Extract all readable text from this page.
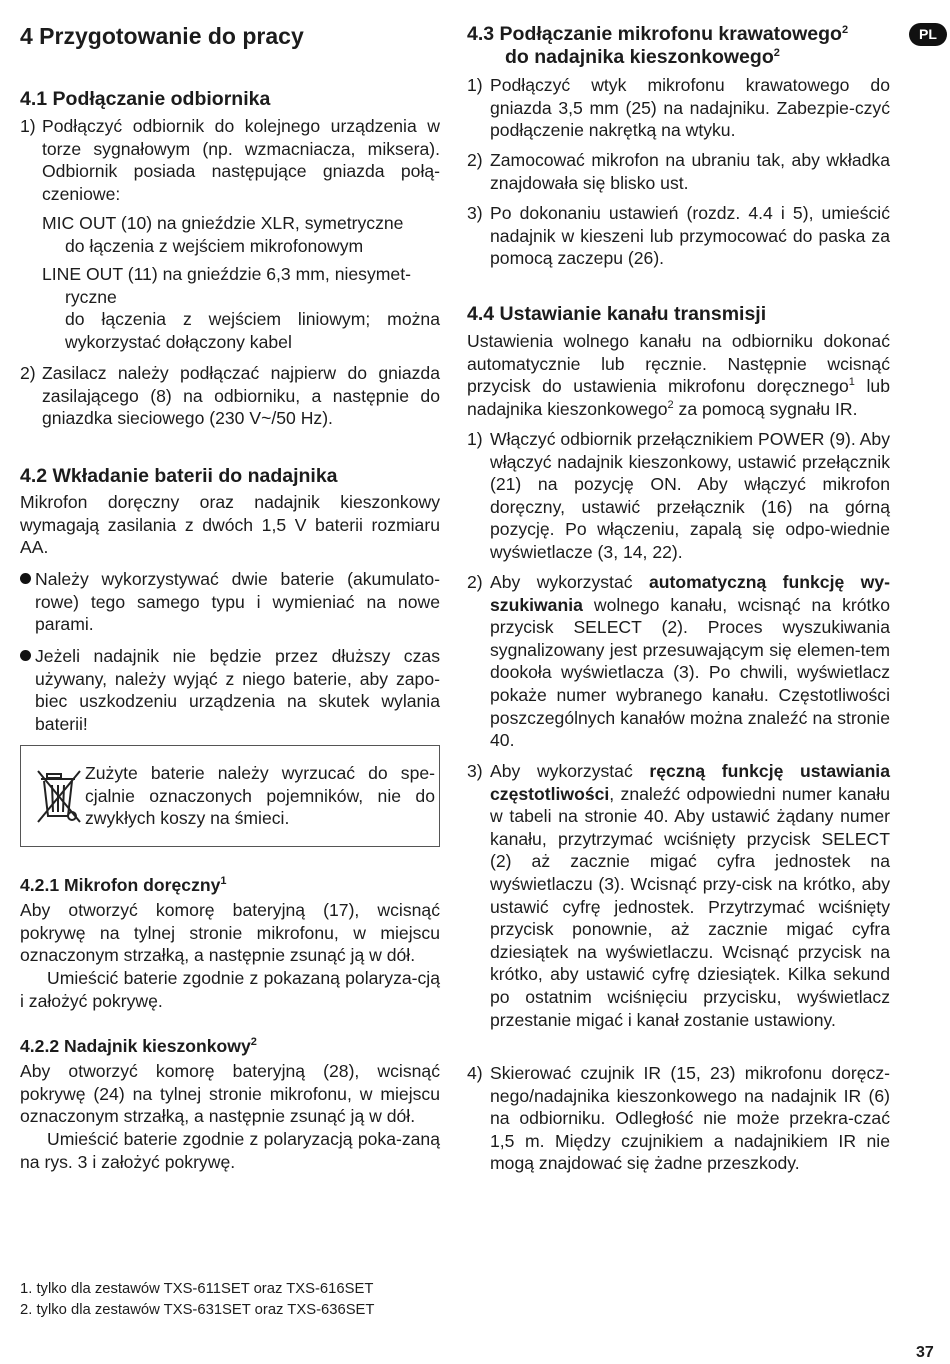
PL
4 Przygotowanie do pracy
4.1 Podłączanie odbiornika
1) Podłączyć odbiornik do kolejnego urządzenia w torze sygnałowym (np. wzmacniacza, miksera). Odbiornik posiada następujące gniazda połą-czeniowe:
MIC OUT (10) na gnieździe XLR, symetryczne
do łączenia z wejściem mikrofonowym
LINE OUT (11) na gnieździe 6,3 mm, niesymet-
ryczne
do łączenia z wejściem liniowym; można wykorzystać dołączony kabel
2) Zasilacz należy podłączać najpierw do gniazda zasilającego (8) na odbiorniku, a następnie do gniazdka sieciowego (230 V~/50 Hz).
4.2 Wkładanie baterii do nadajnika
Mikrofon doręczny oraz nadajnik kieszonkowy wymagają zasilania z dwóch 1,5 V baterii rozmiaru AA.
Należy wykorzystywać dwie baterie (akumulato-rowe) tego samego typu i wymieniać na nowe parami.
Jeżeli nadajnik nie będzie przez dłuższy czas używany, należy wyjąć z niego baterie, aby zapo-biec uszkodzeniu urządzenia na skutek wylania baterii!
Zużyte baterie należy wyrzucać do spe-cjalnie oznaczonych pojemników, nie do zwykłych koszy na śmieci.
4.2.1 Mikrofon doręczny$^1$
Aby otworzyć komorę bateryjną (17), wcisnąć pokrywę na tylnej stronie mikrofonu, w miejscu oznaczonym strzałką, a następnie zsunąć ją w dół.
Umieścić baterie zgodnie z pokazaną polaryza-cją i założyć pokrywę.
4.2.2 Nadajnik kieszonkowy$^2$
Aby otworzyć komorę bateryjną (28), wcisnąć pokrywę (24) na tylnej stronie mikrofonu, w miejscu oznaczonym strzałką, a następnie zsunąć ją w dół.
Umieścić baterie zgodnie z polaryzacją poka-zaną na rys. 3 i założyć pokrywę.
1. tylko dla zestawów TXS-611SET oraz TXS-616SET
2. tylko dla zestawów TXS-631SET oraz TXS-636SET
4.3 Podłączanie mikrofonu krawatowego$^2$
do nadajnika kieszonkowego$^2$
1) Podłączyć wtyk mikrofonu krawatowego do gniazda 3,5 mm (25) na nadajniku. Zabezpie-czyć podłączenie nakrętką na wtyku.
2) Zamocować mikrofon na ubraniu tak, aby wkładka znajdowała się blisko ust.
3) Po dokonaniu ustawień (rozdz. 4.4 i 5), umieścić nadajnik w kieszeni lub przymocować do paska za pomocą zaczepu (26).
4.4 Ustawianie kanału transmisji
Ustawienia wolnego kanału na odbiorniku dokonać automatycznie lub ręcznie. Następnie wcisnąć przycisk do ustawienia mikrofonu doręcznego$^1$ lub nadajnika kieszonkowego$^2$ za pomocą sygnału IR.
1) Włączyć odbiornik przełącznikiem POWER (9). Aby włączyć nadajnik kieszonkowy, ustawić przełącznik (21) na pozycję ON. Aby włączyć mikrofon doręczny, ustawić przełącznik (16) na górną pozycję. Po włączeniu, zapalą się odpo-wiednie wyświetlacze (3, 14, 22).
2) Aby wykorzystać automatyczną funkcję wy-szukiwania wolnego kanału, wcisnąć na krótko przycisk SELECT (2). Proces wyszukiwania sygnalizowany jest przesuwającym się elemen-tem dookoła wyświetlacza (3). Po chwili, wyświetlacz pokaże numer wybranego kanału. Częstotliwości poszczególnych kanałów można znaleźć na stronie 40.
3) Aby wykorzystać ręczną funkcję ustawiania częstotliwości, znaleźć odpowiedni numer kanału w tabeli na stronie 40. Aby ustawić żądany numer kanału, przytrzymać wciśnięty przycisk SELECT (2) aż zacznie migać cyfra jednostek na wyświetlaczu (3). Wcisnąć przy-cisk na krótko, aby ustawić cyfrę jednostek. Przytrzymać wciśnięty przycisk ponownie, aż zacznie migać cyfra dziesiątek na wyświetlaczu. Wcisnąć przycisk na krótko, aby ustawić cyfrę dziesiątek. Kilka sekund po ostatnim wciśnięciu przycisku, wyświetlacz przestanie migać i kanał zostanie ustawiony.
4) Skierować czujnik IR (15, 23) mikrofonu doręcz-nego/nadajnika kieszonkowego na nadajnik IR (6) na odbiorniku. Odległość nie może przekra-czać 1,5 m. Między czujnikiem a nadajnikiem IR nie mogą znajdować się żadne przeszkody.
37
